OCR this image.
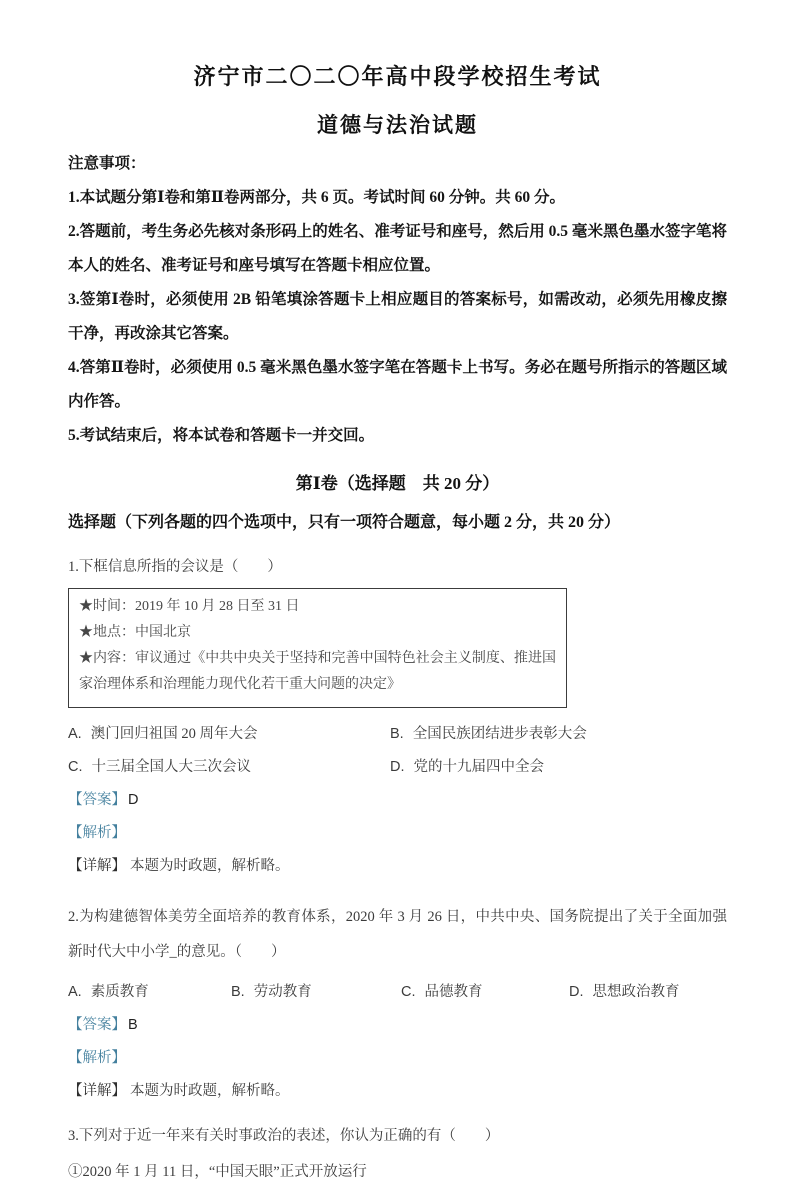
济宁市二〇二〇年高中段学校招生考试
道德与法治试题

注意事项：

1.本试题分第Ⅰ卷和第Ⅱ卷两部分，共 6 页。考试时间 60 分钟。共 60 分。

2.答题前，考生务必先核对条形码上的姓名、准考证号和座号，然后用 0.5 毫米黑色墨水签字笔将本人的姓名、准考证号和座号填写在答题卡相应位置。

3.签第Ⅰ卷时，必须使用 2B 铅笔填涂答题卡上相应题目的答案标号，如需改动，必须先用橡皮擦干净，再改涂其它答案。

4.答第Ⅱ卷时，必须使用 0.5 毫米黑色墨水签字笔在答题卡上书写。务必在题号所指示的答题区域内作答。

5.考试结束后，将本试卷和答题卡一并交回。

第Ⅰ卷（选择题　共 20 分）

选择题（下列各题的四个选项中，只有一项符合题意，每小题 2 分，共 20 分）

1.下框信息所指的会议是（　　）

★时间：2019 年 10 月 28 日至 31 日

★地点：中国北京

★内容：审议通过《中共中央关于坚持和完善中国特色社会主义制度、推进国家治理体系和治理能力现代化若干重大问题的决定》

A. 澳门回归祖国 20 周年大会	B. 全国民族团结进步表彰大会
C. 十三届全国人大三次会议	D. 党的十九届四中全会

【答案】 D

【解析】

【详解】 本题为时政题，解析略。

2.为构建德智体美劳全面培养的教育体系，2020 年 3 月 26 日，中共中央、国务院提出了关于全面加强新时代大中小学_的意见。（　　）

A. 素质教育	B. 劳动教育	C. 品德教育	D. 思想政治教育

【答案】 B

【解析】

【详解】 本题为时政题，解析略。

3.下列对于近一年来有关时事政治的表述，你认为正确的有（　　）

①2020 年 1 月 11 日，“中国天眼”正式开放运行
